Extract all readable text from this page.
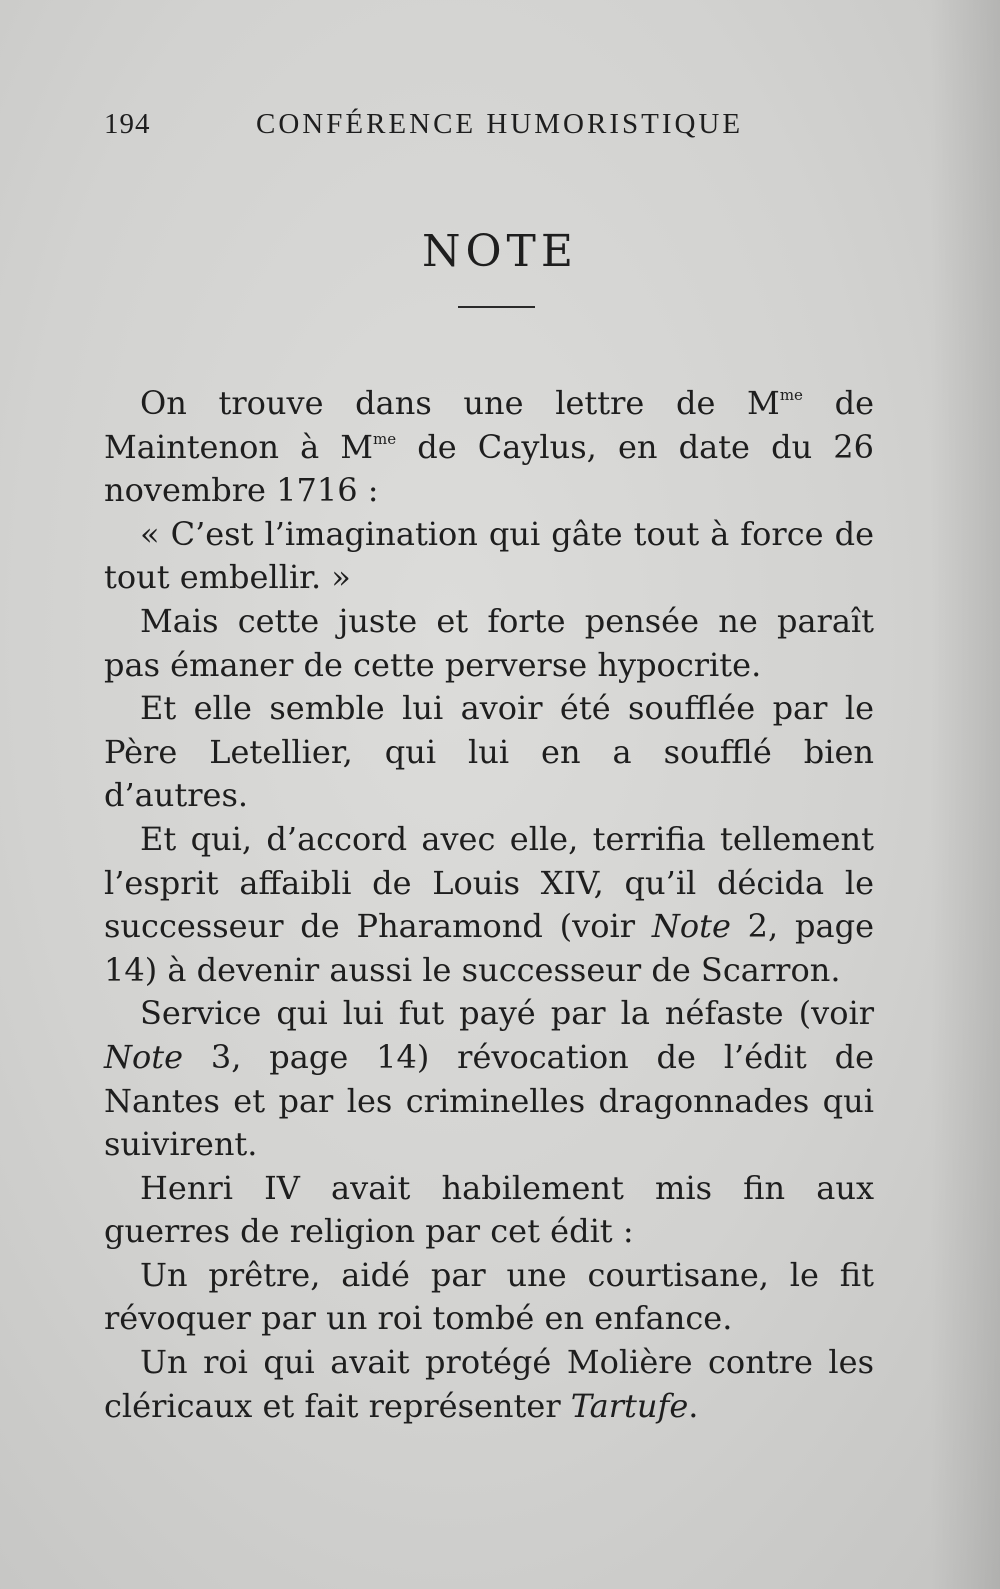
194	CONFÉRENCE HUMORISTIQUE
NOTE

On trouve dans une lettre de $M^{me}$ de Maintenon à $M^{me}$ de Caylus, en date du 26 novembre 1716 :

« C’est l’imagination qui gâte tout à force de tout embellir. »

Mais cette juste et forte pensée ne paraît pas émaner de cette perverse hypocrite.

Et elle semble lui avoir été soufflée par le Père Letellier, qui lui en a soufflé bien d’autres.

Et qui, d’accord avec elle, terrifia tellement l’esprit affaibli de Louis XIV, qu’il décida le successeur de Pharamond (voir Note 2, page 14) à devenir aussi le successeur de Scarron.

Service qui lui fut payé par la néfaste (voir Note 3, page 14) révocation de l’édit de Nantes et par les criminelles dragonnades qui suivirent.

Henri IV avait habilement mis fin aux guerres de religion par cet édit :

Un prêtre, aidé par une courtisane, le fit révoquer par un roi tombé en enfance.

Un roi qui avait protégé Molière contre les cléricaux et fait représenter Tartufe.
